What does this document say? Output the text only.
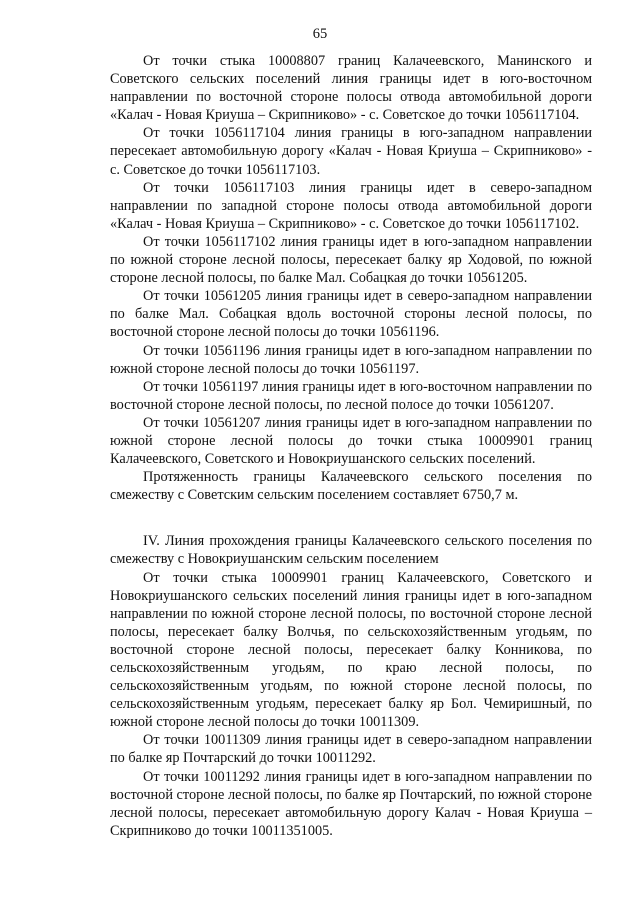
65

От точки стыка 10008807 границ Калачеевского, Манинского и Советского сельских поселений линия границы идет в юго-восточном направлении по восточной стороне полосы отвода автомобильной дороги «Калач - Новая Криуша – Скрипниково» - с. Советское до точки 1056117104.

От точки 1056117104 линия границы в юго-западном направлении пересекает автомобильную дорогу «Калач - Новая Криуша – Скрипниково» - с. Советское до точки 1056117103.

От точки 1056117103 линия границы идет в северо-западном направлении по западной стороне полосы отвода автомобильной дороги «Калач - Новая Криуша – Скрипниково» - с. Советское до точки 1056117102.

От точки 1056117102 линия границы идет в юго-западном направлении по южной стороне лесной полосы, пересекает балку яр Ходовой, по южной стороне лесной полосы, по балке Мал. Собацкая до точки 10561205.

От точки 10561205 линия границы идет в северо-западном направлении по балке Мал. Собацкая вдоль восточной стороны лесной полосы, по восточной стороне лесной полосы до точки 10561196.

От точки 10561196 линия границы идет в юго-западном направлении по южной стороне лесной полосы до точки 10561197.

От точки 10561197 линия границы идет в юго-восточном направлении по восточной стороне лесной полосы, по лесной полосе до точки 10561207.

От точки 10561207 линия границы идет в юго-западном направлении по южной стороне лесной полосы до точки стыка 10009901 границ Калачеевского, Советского и Новокриушанского сельских поселений.

Протяженность границы Калачеевского сельского поселения по смежеству с Советским сельским поселением составляет 6750,7 м.

IV. Линия прохождения границы Калачеевского сельского поселения по смежеству с Новокриушанским сельским поселением

От точки стыка 10009901 границ Калачеевского, Советского и Новокриушанского сельских поселений линия границы идет в юго-западном направлении по южной стороне лесной полосы, по восточной стороне лесной полосы, пересекает балку Волчья, по сельскохозяйственным угодьям, по восточной стороне лесной полосы, пересекает балку Конникова, по сельскохозяйственным угодьям, по краю лесной полосы, по сельскохозяйственным угодьям, по южной стороне лесной полосы, по сельскохозяйственным угодьям, пересекает балку яр Бол. Чемиришный, по южной стороне лесной полосы до точки 10011309.

От точки 10011309 линия границы идет в северо-западном направлении по балке яр Почтарский до точки 10011292.

От точки 10011292 линия границы идет в юго-западном направлении по восточной стороне лесной полосы, по балке яр Почтарский, по южной стороне лесной полосы, пересекает автомобильную дорогу Калач - Новая Криуша – Скрипниково до точки 10011351005.
